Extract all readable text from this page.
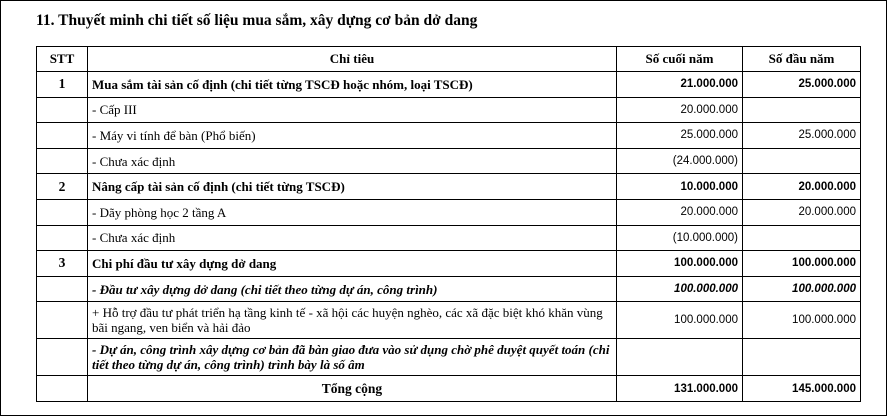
11. Thuyết minh chi tiết số liệu mua sắm, xây dựng cơ bản dở dang
STT	Chỉ tiêu	Số cuối năm	Số đầu năm
1	Mua sắm tài sản cố định (chi tiết từng TSCĐ hoặc nhóm, loại TSCĐ)	21.000.000	25.000.000
	- Cấp III	20.000.000	
	- Máy vi tính để bàn (Phổ biến)	25.000.000	25.000.000
	- Chưa xác định	(24.000.000)	
2	Nâng cấp tài sản cố định (chi tiết từng TSCĐ)	10.000.000	20.000.000
	- Dãy phòng học 2 tầng A	20.000.000	20.000.000
	- Chưa xác định	(10.000.000)	
3	Chi phí đầu tư xây dựng dở dang	100.000.000	100.000.000
	- Đầu tư xây dựng dở dang (chi tiết theo từng dự án, công trình)	100.000.000	100.000.000
	+ Hỗ trợ đầu tư phát triển hạ tầng kinh tế - xã hội các huyện nghèo, các xã đặc biệt khó khăn vùng bãi ngang, ven biển và hải đảo	100.000.000	100.000.000
	- Dự án, công trình xây dựng cơ bản đã bàn giao đưa vào sử dụng chờ phê duyệt quyết toán (chi tiết theo từng dự án, công trình) trình bày là số âm		
	Tổng cộng	131.000.000	145.000.000
